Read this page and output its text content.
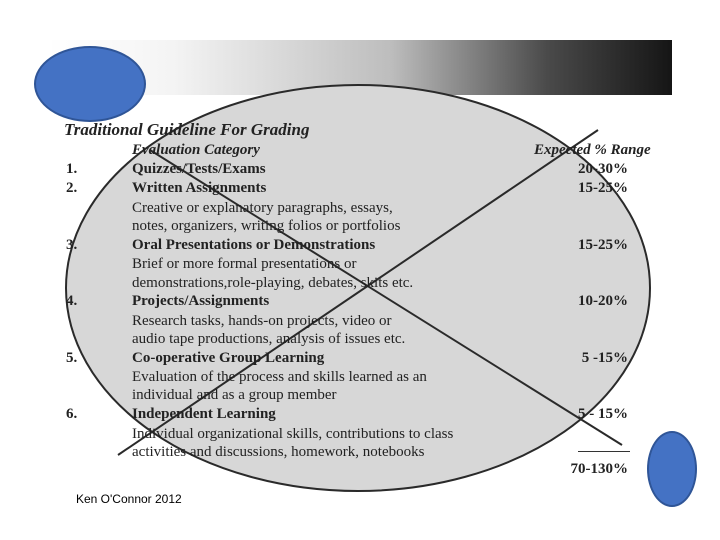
Traditional Guideline For Grading
Evaluation Category	Expected % Range
1.	Quizzes/Tests/Exams	20-30%
2.	Written Assignments	15-25%
Creative or explanatory paragraphs, essays,
notes, organizers, writing folios or portfolios
3.	Oral Presentations or Demonstrations	15-25%
Brief or more formal presentations or
demonstrations,role-playing, debates, skits etc.
4.	Projects/Assignments	10-20%
Research tasks, hands-on projects, video or
audio tape productions, analysis of issues etc.
5.	Co-operative Group Learning	5 -15%
Evaluation of the process and skills learned as an
individual and as a group member
6.	Independent Learning	5 - 15%
Individual organizational skills, contributions to class
activities and discussions, homework, notebooks
70-130%
Ken O'Connor 2012
